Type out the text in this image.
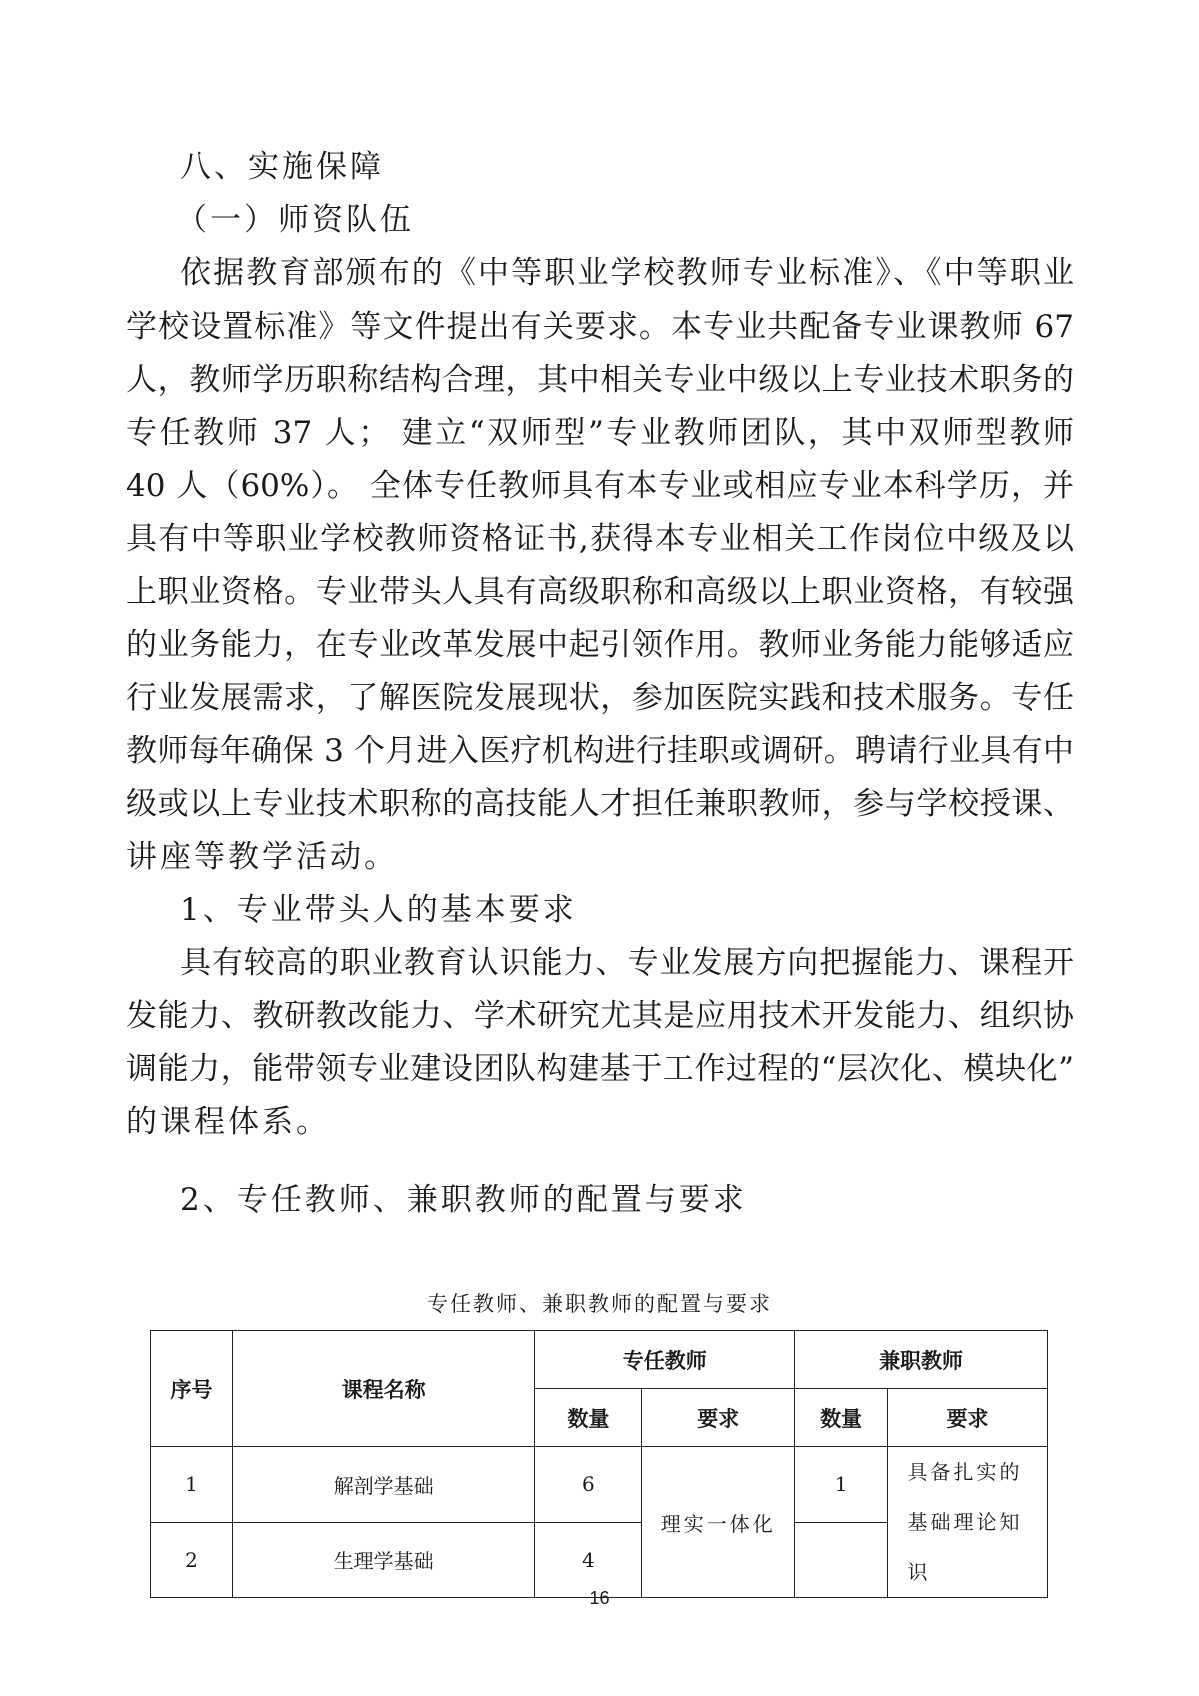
八、实施保障

（一）师资队伍

依据教育部颁布的《中等职业学校教师专业标准》、《中等职业

学校设置标准》等文件提出有关要求。本专业共配备专业课教师 67

人，教师学历职称结构合理，其中相关专业中级以上专业技术职务的

专任教师 37 人； 建立“双师型”专业教师团队，其中双师型教师

40 人（60%）。 全体专任教师具有本专业或相应专业本科学历，并

具有中等职业学校教师资格证书,获得本专业相关工作岗位中级及以

上职业资格。专业带头人具有高级职称和高级以上职业资格，有较强

的业务能力，在专业改革发展中起引领作用。教师业务能力能够适应

行业发展需求，了解医院发展现状，参加医院实践和技术服务。专任

教师每年确保 3 个月进入医疗机构进行挂职或调研。聘请行业具有中

级或以上专业技术职称的高技能人才担任兼职教师，参与学校授课、

讲座等教学活动。

1、专业带头人的基本要求

具有较高的职业教育认识能力、专业发展方向把握能力、课程开

发能力、教研教改能力、学术研究尤其是应用技术开发能力、组织协

调能力，能带领专业建设团队构建基于工作过程的“层次化、模块化”

的课程体系。

2、专任教师、兼职教师的配置与要求

专任教师、兼职教师的配置与要求
序号	课程名称	专任教师		兼职教师	
		数量	要求	数量	要求
1	解剖学基础	6	理实一体化	1	具备扎实的基础理论知识
2	生理学基础	4			
16
